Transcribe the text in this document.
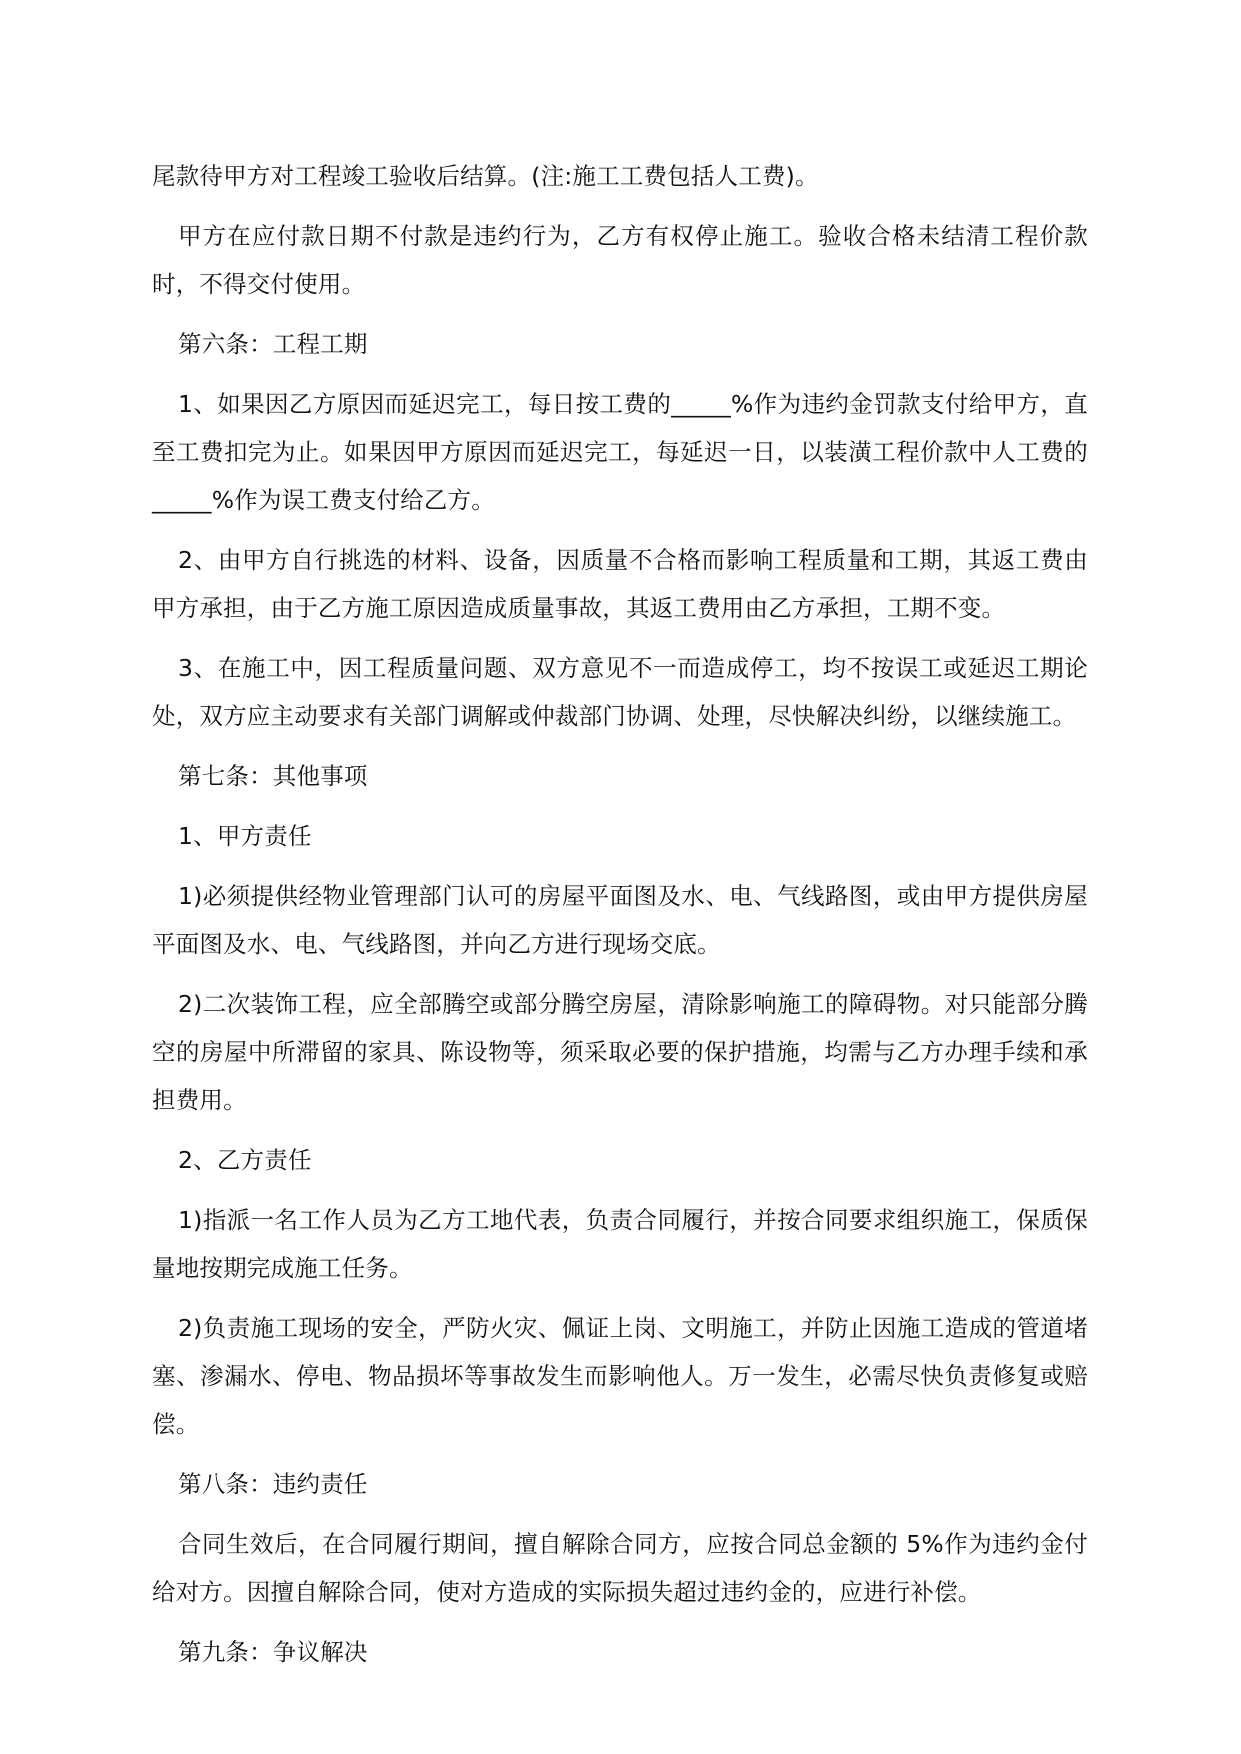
尾款待甲方对工程竣工验收后结算。(注:施工工费包括人工费)。

甲方在应付款日期不付款是违约行为，乙方有权停止施工。验收合格未结清工程价款时，不得交付使用。

第六条：工程工期

1、如果因乙方原因而延迟完工，每日按工费的_____%作为违约金罚款支付给甲方，直至工费扣完为止。如果因甲方原因而延迟完工，每延迟一日，以装潢工程价款中人工费的_____%作为误工费支付给乙方。

2、由甲方自行挑选的材料、设备，因质量不合格而影响工程质量和工期，其返工费由甲方承担，由于乙方施工原因造成质量事故，其返工费用由乙方承担，工期不变。

3、在施工中，因工程质量问题、双方意见不一而造成停工，均不按误工或延迟工期论处，双方应主动要求有关部门调解或仲裁部门协调、处理，尽快解决纠纷，以继续施工。

第七条：其他事项

1、甲方责任

1)必须提供经物业管理部门认可的房屋平面图及水、电、气线路图，或由甲方提供房屋平面图及水、电、气线路图，并向乙方进行现场交底。

2)二次装饰工程，应全部腾空或部分腾空房屋，清除影响施工的障碍物。对只能部分腾空的房屋中所滞留的家具、陈设物等，须采取必要的保护措施，均需与乙方办理手续和承担费用。

2、乙方责任

1)指派一名工作人员为乙方工地代表，负责合同履行，并按合同要求组织施工，保质保量地按期完成施工任务。

2)负责施工现场的安全，严防火灾、佩证上岗、文明施工，并防止因施工造成的管道堵塞、渗漏水、停电、物品损坏等事故发生而影响他人。万一发生，必需尽快负责修复或赔偿。

第八条：违约责任

合同生效后，在合同履行期间，擅自解除合同方，应按合同总金额的 5%作为违约金付给对方。因擅自解除合同，使对方造成的实际损失超过违约金的，应进行补偿。

第九条：争议解决
